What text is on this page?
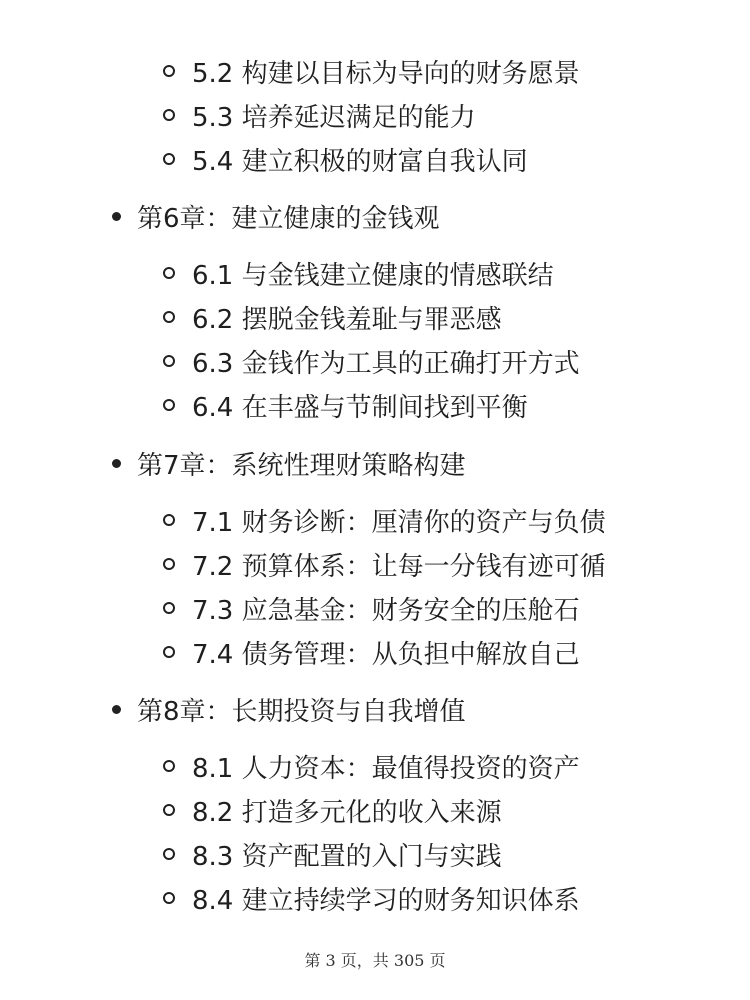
5.2 构建以目标为导向的财务愿景
5.3 培养延迟满足的能力
5.4 建立积极的财富自我认同
第6章：建立健康的金钱观
6.1 与金钱建立健康的情感联结
6.2 摆脱金钱羞耻与罪恶感
6.3 金钱作为工具的正确打开方式
6.4 在丰盛与节制间找到平衡
第7章：系统性理财策略构建
7.1 财务诊断：厘清你的资产与负债
7.2 预算体系：让每一分钱有迹可循
7.3 应急基金：财务安全的压舱石
7.4 债务管理：从负担中解放自己
第8章：长期投资与自我增值
8.1 人力资本：最值得投资的资产
8.2 打造多元化的收入来源
8.3 资产配置的入门与实践
8.4 建立持续学习的财务知识体系
第 3 页，共 305 页
